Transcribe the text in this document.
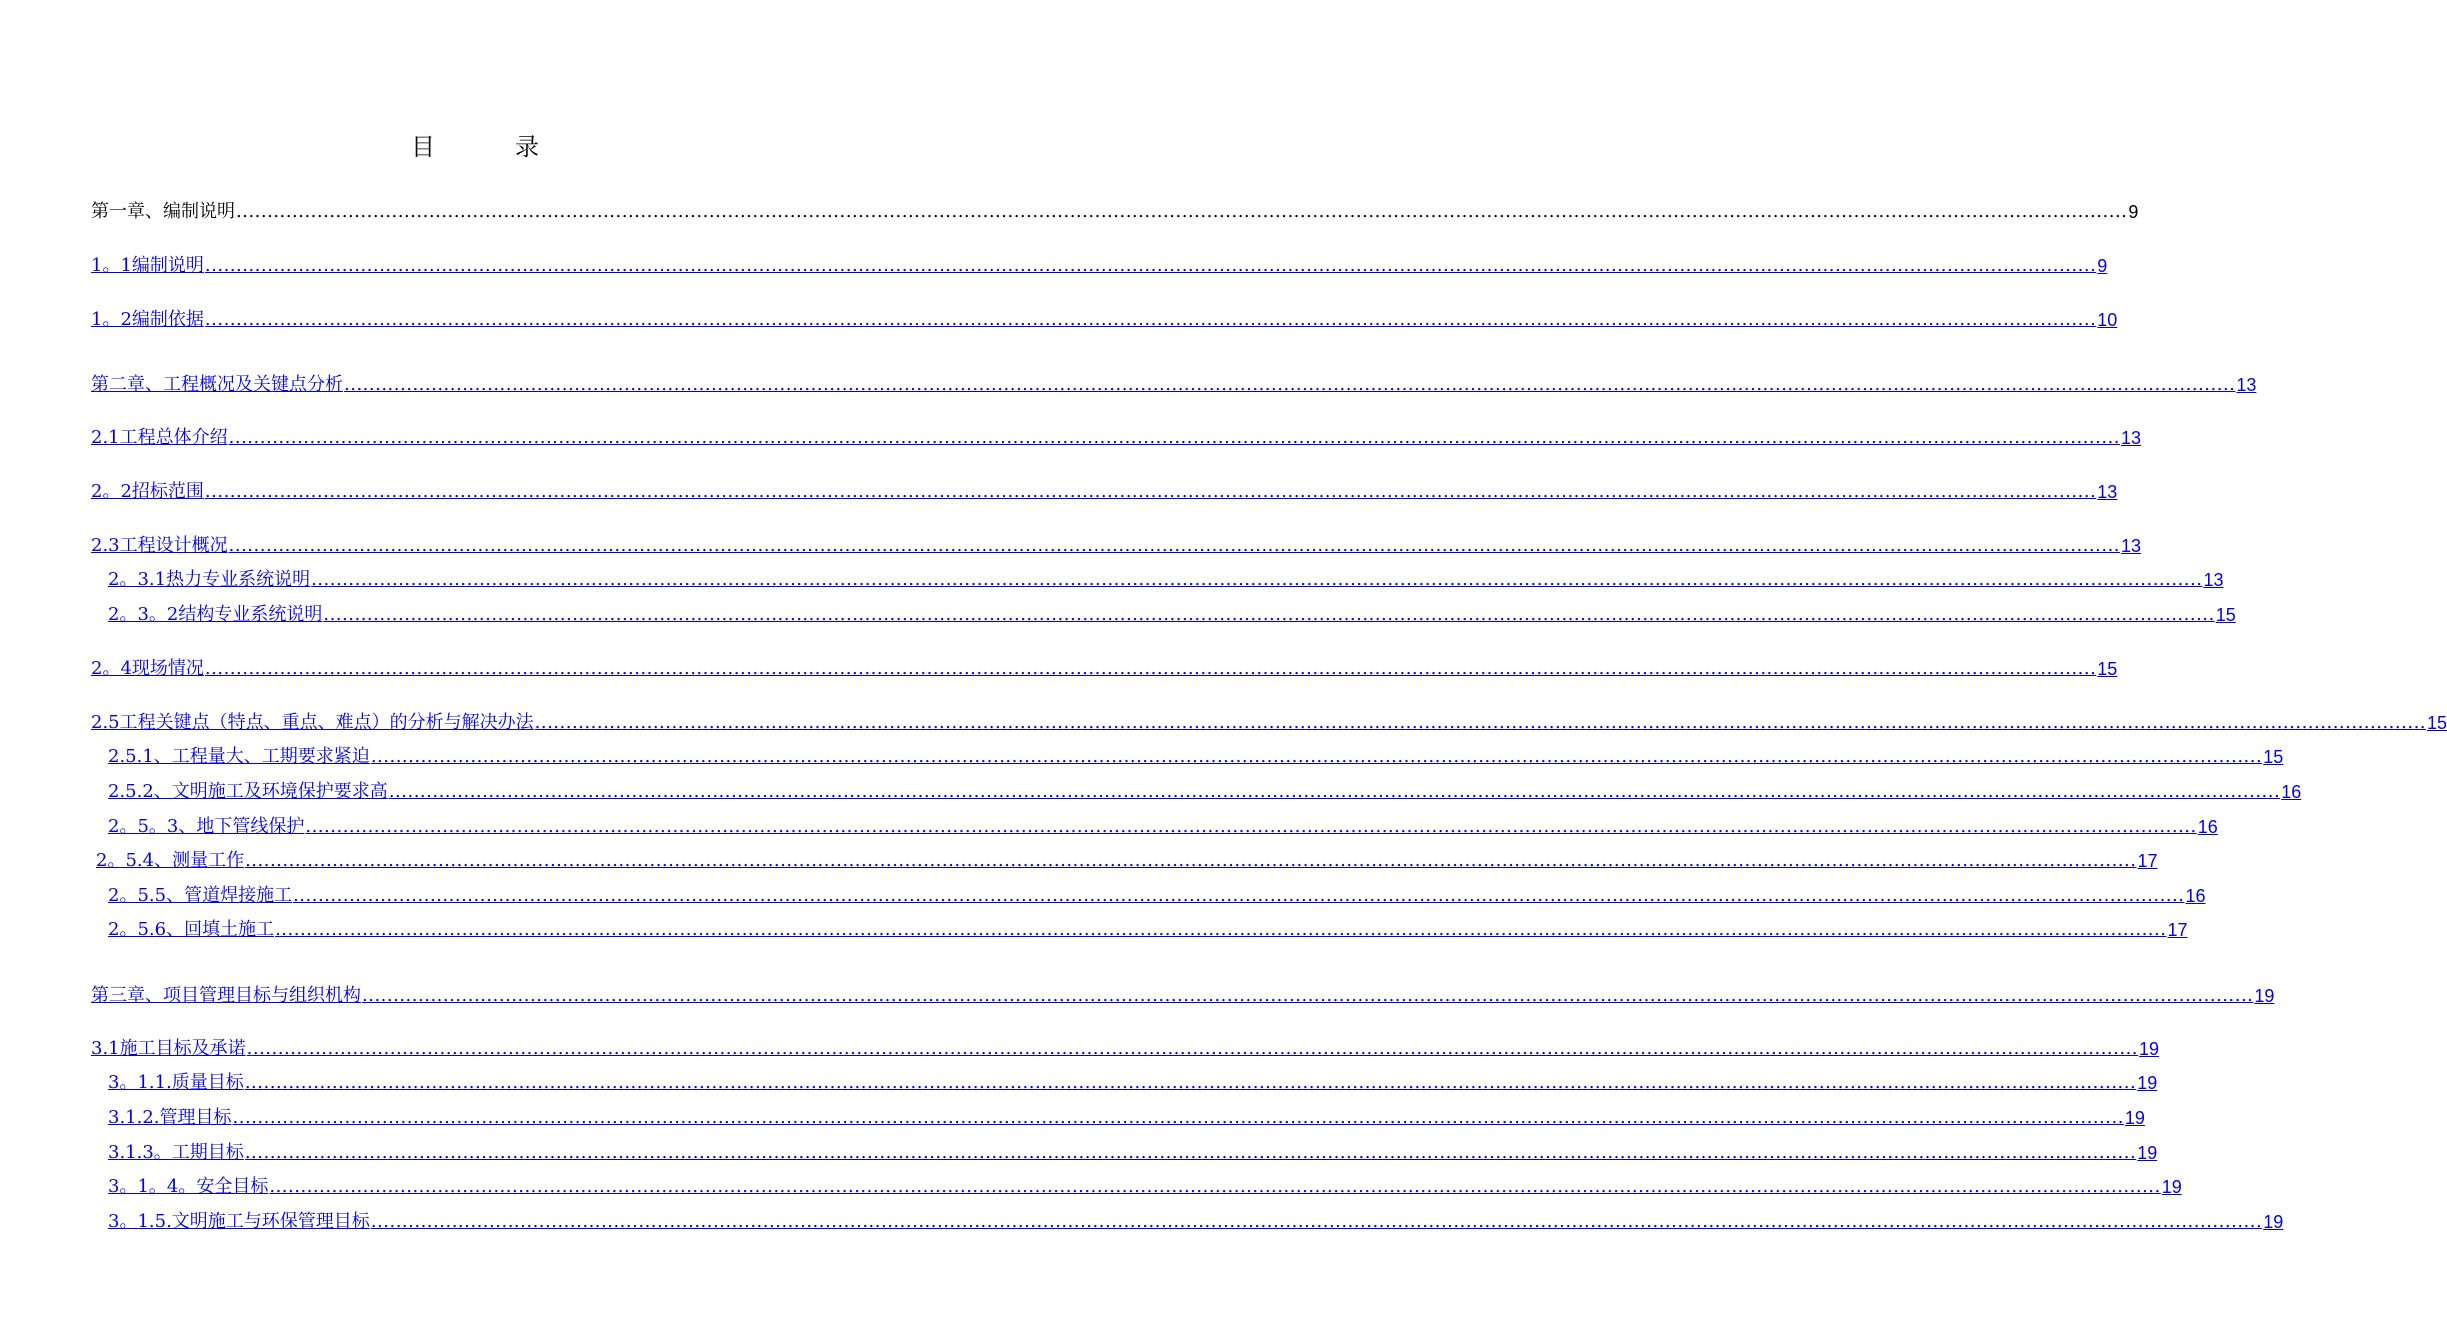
目	录
第一章、编制说明 ................................................................................................................................................................................................................................................................................................................ 9
1。1编制说明 ................................................................................................................................................................................................................................................................................................................ 9
1。2编制依据 ................................................................................................................................................................................................................................................................................................................ 10
第二章、工程概况及关键点分析 ................................................................................................................................................................................................................................................................................................................ 13
2.1工程总体介绍 ................................................................................................................................................................................................................................................................................................................ 13
2。2招标范围 ................................................................................................................................................................................................................................................................................................................ 13
2.3工程设计概况 ................................................................................................................................................................................................................................................................................................................ 13
2。3.1热力专业系统说明 ................................................................................................................................................................................................................................................................................................................ 13
2。3。2结构专业系统说明 ................................................................................................................................................................................................................................................................................................................ 15
2。4现场情况 ................................................................................................................................................................................................................................................................................................................ 15
2.5工程关键点（特点、重点、难点）的分析与解决办法 ................................................................................................................................................................................................................................................................................................................ 15
2.5.1、工程量大、工期要求紧迫 ................................................................................................................................................................................................................................................................................................................ 15
2.5.2、文明施工及环境保护要求高 ................................................................................................................................................................................................................................................................................................................ 16
2。5。3、地下管线保护 ................................................................................................................................................................................................................................................................................................................ 16
2。5.4、测量工作 ................................................................................................................................................................................................................................................................................................................ 17
2。5.5、管道焊接施工 ................................................................................................................................................................................................................................................................................................................ 16
2。5.6、回填土施工 ................................................................................................................................................................................................................................................................................................................ 17
第三章、项目管理目标与组织机构 ................................................................................................................................................................................................................................................................................................................ 19
3.1施工目标及承诺 ................................................................................................................................................................................................................................................................................................................ 19
3。1.1.质量目标 ................................................................................................................................................................................................................................................................................................................ 19
3.1.2.管理目标 ................................................................................................................................................................................................................................................................................................................ 19
3.1.3。工期目标 ................................................................................................................................................................................................................................................................................................................ 19
3。1。4。安全目标 ................................................................................................................................................................................................................................................................................................................ 19
3。1.5.文明施工与环保管理目标 ................................................................................................................................................................................................................................................................................................................ 19
